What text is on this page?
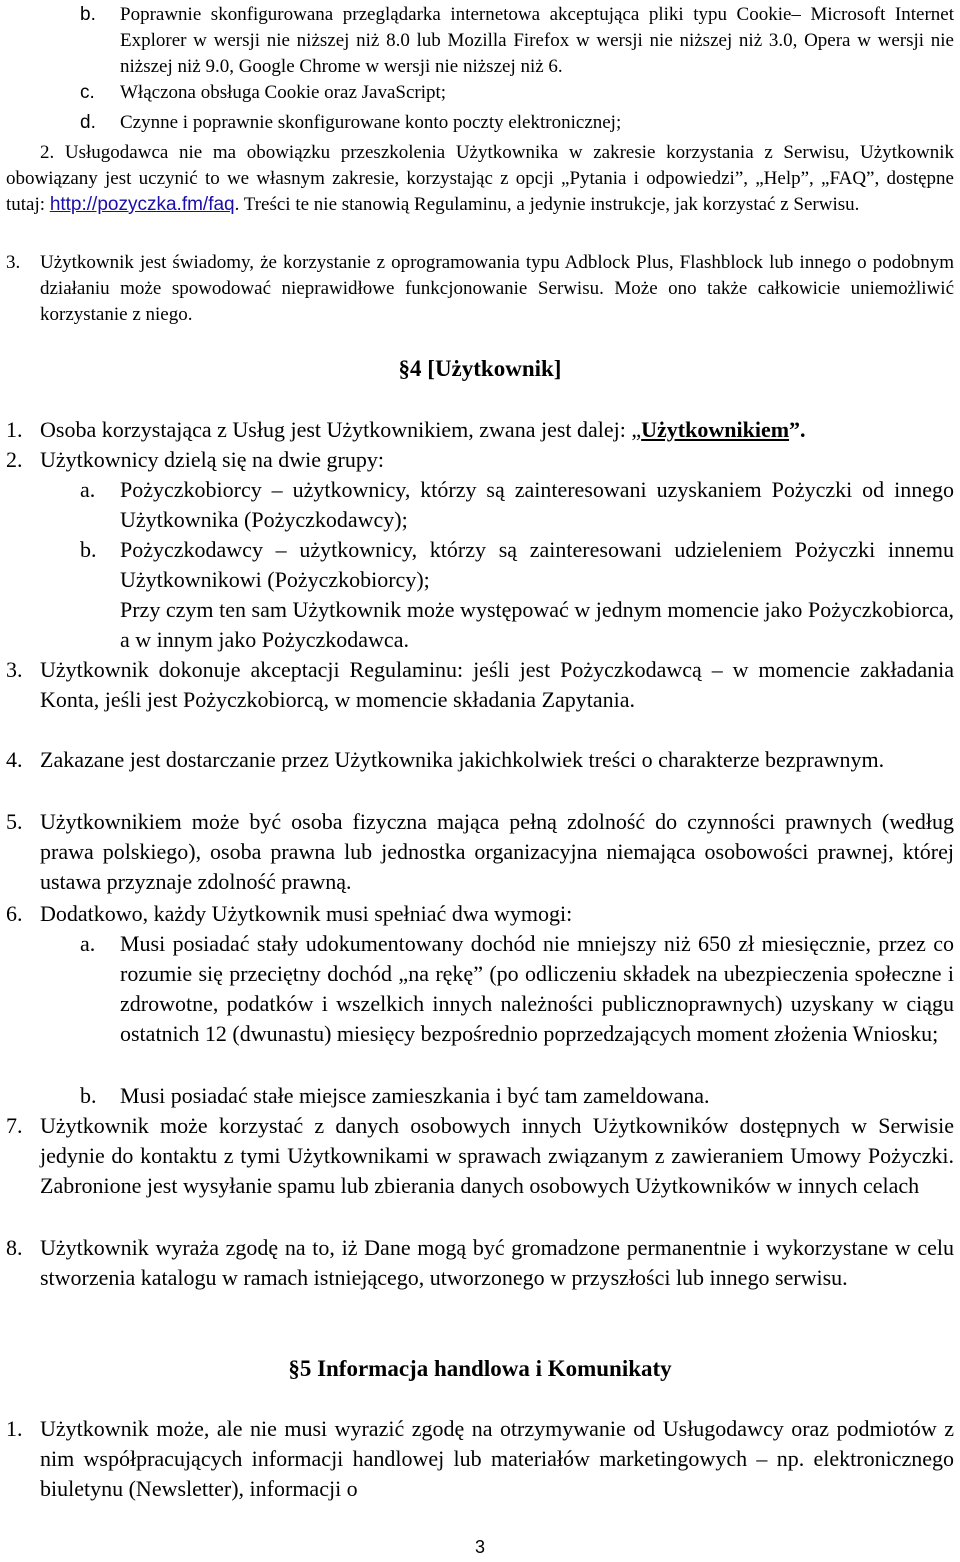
b. Poprawnie skonfigurowana przeglądarka internetowa akceptująca pliki typu Cookie– Microsoft Internet Explorer w wersji nie niższej niż 8.0 lub Mozilla Firefox w wersji nie niższej niż 3.0, Opera w wersji nie niższej niż 9.0, Google Chrome w wersji nie niższej niż 6.

c. Włączona obsługa Cookie oraz JavaScript;

d. Czynne i poprawnie skonfigurowane konto poczty elektronicznej;

2. Usługodawca nie ma obowiązku przeszkolenia Użytkownika w zakresie korzystania z Serwisu, Użytkownik obowiązany jest uczynić to we własnym zakresie, korzystając z opcji „Pytania i odpowiedzi”, „Help”, „FAQ”, dostępne tutaj: http://pozyczka.fm/faq. Treści te nie stanowią Regulaminu, a jedynie instrukcje, jak korzystać z Serwisu.

3. Użytkownik jest świadomy, że korzystanie z oprogramowania typu Adblock Plus, Flashblock lub innego o podobnym działaniu może spowodować nieprawidłowe funkcjonowanie Serwisu. Może ono także całkowicie uniemożliwić korzystanie z niego.

§4 [Użytkownik]
1. Osoba korzystająca z Usług jest Użytkownikiem, zwana jest dalej: „Użytkownikiem”.

2. Użytkownicy dzielą się na dwie grupy:

a. Pożyczkobiorcy – użytkownicy, którzy są zainteresowani uzyskaniem Pożyczki od innego Użytkownika (Pożyczkodawcy);

b. Pożyczkodawcy – użytkownicy, którzy są zainteresowani udzieleniem Pożyczki innemu Użytkownikowi (Pożyczkobiorcy);

Przy czym ten sam Użytkownik może występować w jednym momencie jako Pożyczkobiorca, a w innym jako Pożyczkodawca.

3. Użytkownik dokonuje akceptacji Regulaminu: jeśli jest Pożyczkodawcą – w momencie zakładania Konta, jeśli jest Pożyczkobiorcą, w momencie składania Zapytania.

4. Zakazane jest dostarczanie przez Użytkownika jakichkolwiek treści o charakterze bezprawnym.

5. Użytkownikiem może być osoba fizyczna mająca pełną zdolność do czynności prawnych (według prawa polskiego), osoba prawna lub jednostka organizacyjna niemająca osobowości prawnej, której ustawa przyznaje zdolność prawną.

6. Dodatkowo, każdy Użytkownik musi spełniać dwa wymogi:

a. Musi posiadać stały udokumentowany dochód nie mniejszy niż 650 zł miesięcznie, przez co rozumie się przeciętny dochód „na rękę” (po odliczeniu składek na ubezpieczenia społeczne i zdrowotne, podatków i wszelkich innych należności publicznoprawnych) uzyskany w ciągu ostatnich 12 (dwunastu) miesięcy bezpośrednio poprzedzających moment złożenia Wniosku;

b. Musi posiadać stałe miejsce zamieszkania i być tam zameldowana.

7. Użytkownik może korzystać z danych osobowych innych Użytkowników dostępnych w Serwisie jedynie do kontaktu z tymi Użytkownikami w sprawach związanym z zawieraniem Umowy Pożyczki. Zabronione jest wysyłanie spamu lub zbierania danych osobowych Użytkowników w innych celach

8. Użytkownik wyraża zgodę na to, iż Dane mogą być gromadzone permanentnie i wykorzystane w celu stworzenia katalogu w ramach istniejącego, utworzonego w przyszłości lub innego serwisu.

§5 Informacja handlowa i Komunikaty
1. Użytkownik może, ale nie musi wyrazić zgodę na otrzymywanie od Usługodawcy oraz podmiotów z nim współpracujących informacji handlowej lub materiałów marketingowych – np. elektronicznego biuletynu (Newsletter), informacji o

3
